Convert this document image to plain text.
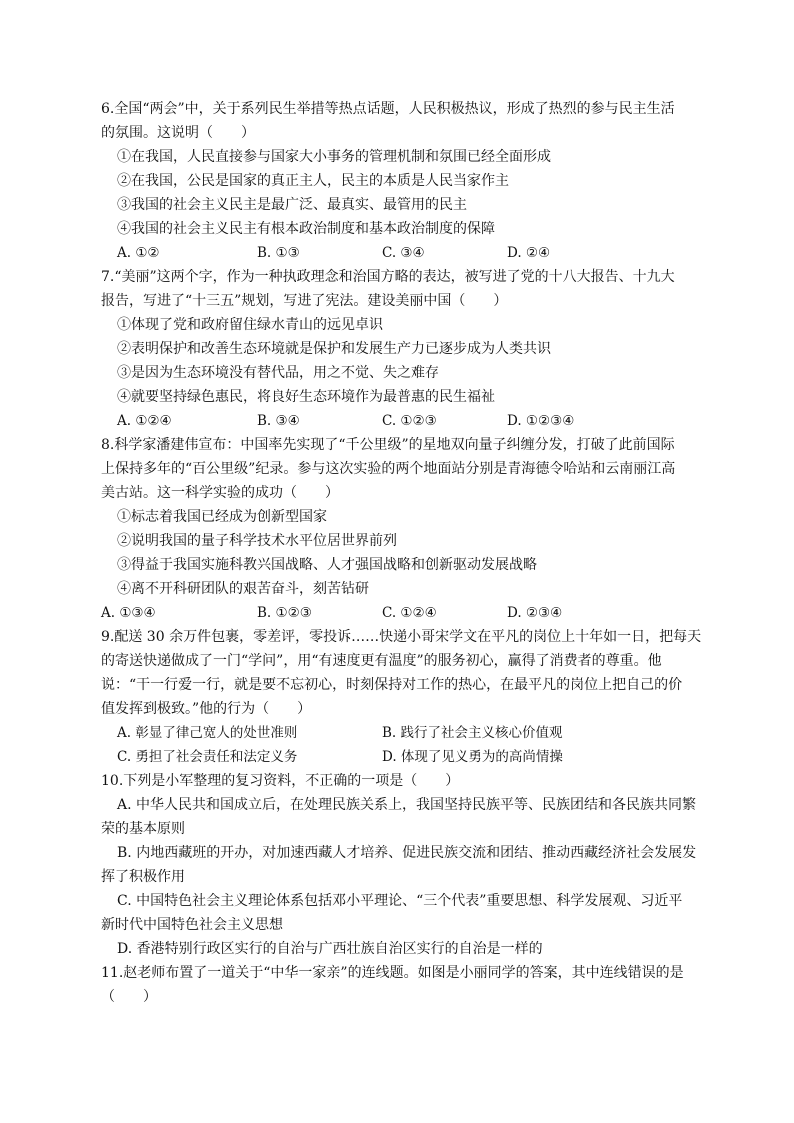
6.全国“两会”中，关于系列民生举措等热点话题，人民积极热议，形成了热烈的参与民主生活
的氛围。这说明（　　）
①在我国，人民直接参与国家大小事务的管理机制和氛围已经全面形成
②在我国，公民是国家的真正主人，民主的本质是人民当家作主
③我国的社会主义民主是最广泛、最真实、最管用的民主
④我国的社会主义民主有根本政治制度和基本政治制度的保障
A. ①②	B. ①③	C. ③④	D. ②④
7.“美丽”这两个字，作为一种执政理念和治国方略的表达，被写进了党的十八大报告、十九大
报告，写进了“十三五”规划，写进了宪法。建设美丽中国（　　）
①体现了党和政府留住绿水青山的远见卓识
②表明保护和改善生态环境就是保护和发展生产力已逐步成为人类共识
③是因为生态环境没有替代品，用之不觉、失之难存
④就要坚持绿色惠民，将良好生态环境作为最普惠的民生福祉
A. ①②④	B. ③④	C. ①②③	D. ①②③④
8.科学家潘建伟宣布：中国率先实现了“千公里级”的星地双向量子纠缠分发，打破了此前国际
上保持多年的“百公里级”纪录。参与这次实验的两个地面站分别是青海德令哈站和云南丽江高
美古站。这一科学实验的成功（　　）
①标志着我国已经成为创新型国家
②说明我国的量子科学技术水平位居世界前列
③得益于我国实施科教兴国战略、人才强国战略和创新驱动发展战略
④离不开科研团队的艰苦奋斗，刻苦钻研
A. ①③④	B. ①②③	C. ①②④	D. ②③④
9.配送 30 余万件包裹，零差评，零投诉……快递小哥宋学文在平凡的岗位上十年如一日，把每天
的寄送快递做成了一门“学问”，用“有速度更有温度”的服务初心，赢得了消费者的尊重。他
说：“干一行爱一行，就是要不忘初心，时刻保持对工作的热心，在最平凡的岗位上把自己的价
值发挥到极致。”他的行为（　　）
A. 彰显了律己宽人的处世准则	B. 践行了社会主义核心价值观
C. 勇担了社会责任和法定义务	D. 体现了见义勇为的高尚情操
10.下列是小军整理的复习资料，不正确的一项是（　　）
A. 中华人民共和国成立后，在处理民族关系上，我国坚持民族平等、民族团结和各民族共同繁
荣的基本原则
B. 内地西藏班的开办，对加速西藏人才培养、促进民族交流和团结、推动西藏经济社会发展发
挥了积极作用
C. 中国特色社会主义理论体系包括邓小平理论、“三个代表”重要思想、科学发展观、习近平
新时代中国特色社会主义思想
D. 香港特别行政区实行的自治与广西壮族自治区实行的自治是一样的
11.赵老师布置了一道关于“中华一家亲”的连线题。如图是小丽同学的答案，其中连线错误的是
（　　）
